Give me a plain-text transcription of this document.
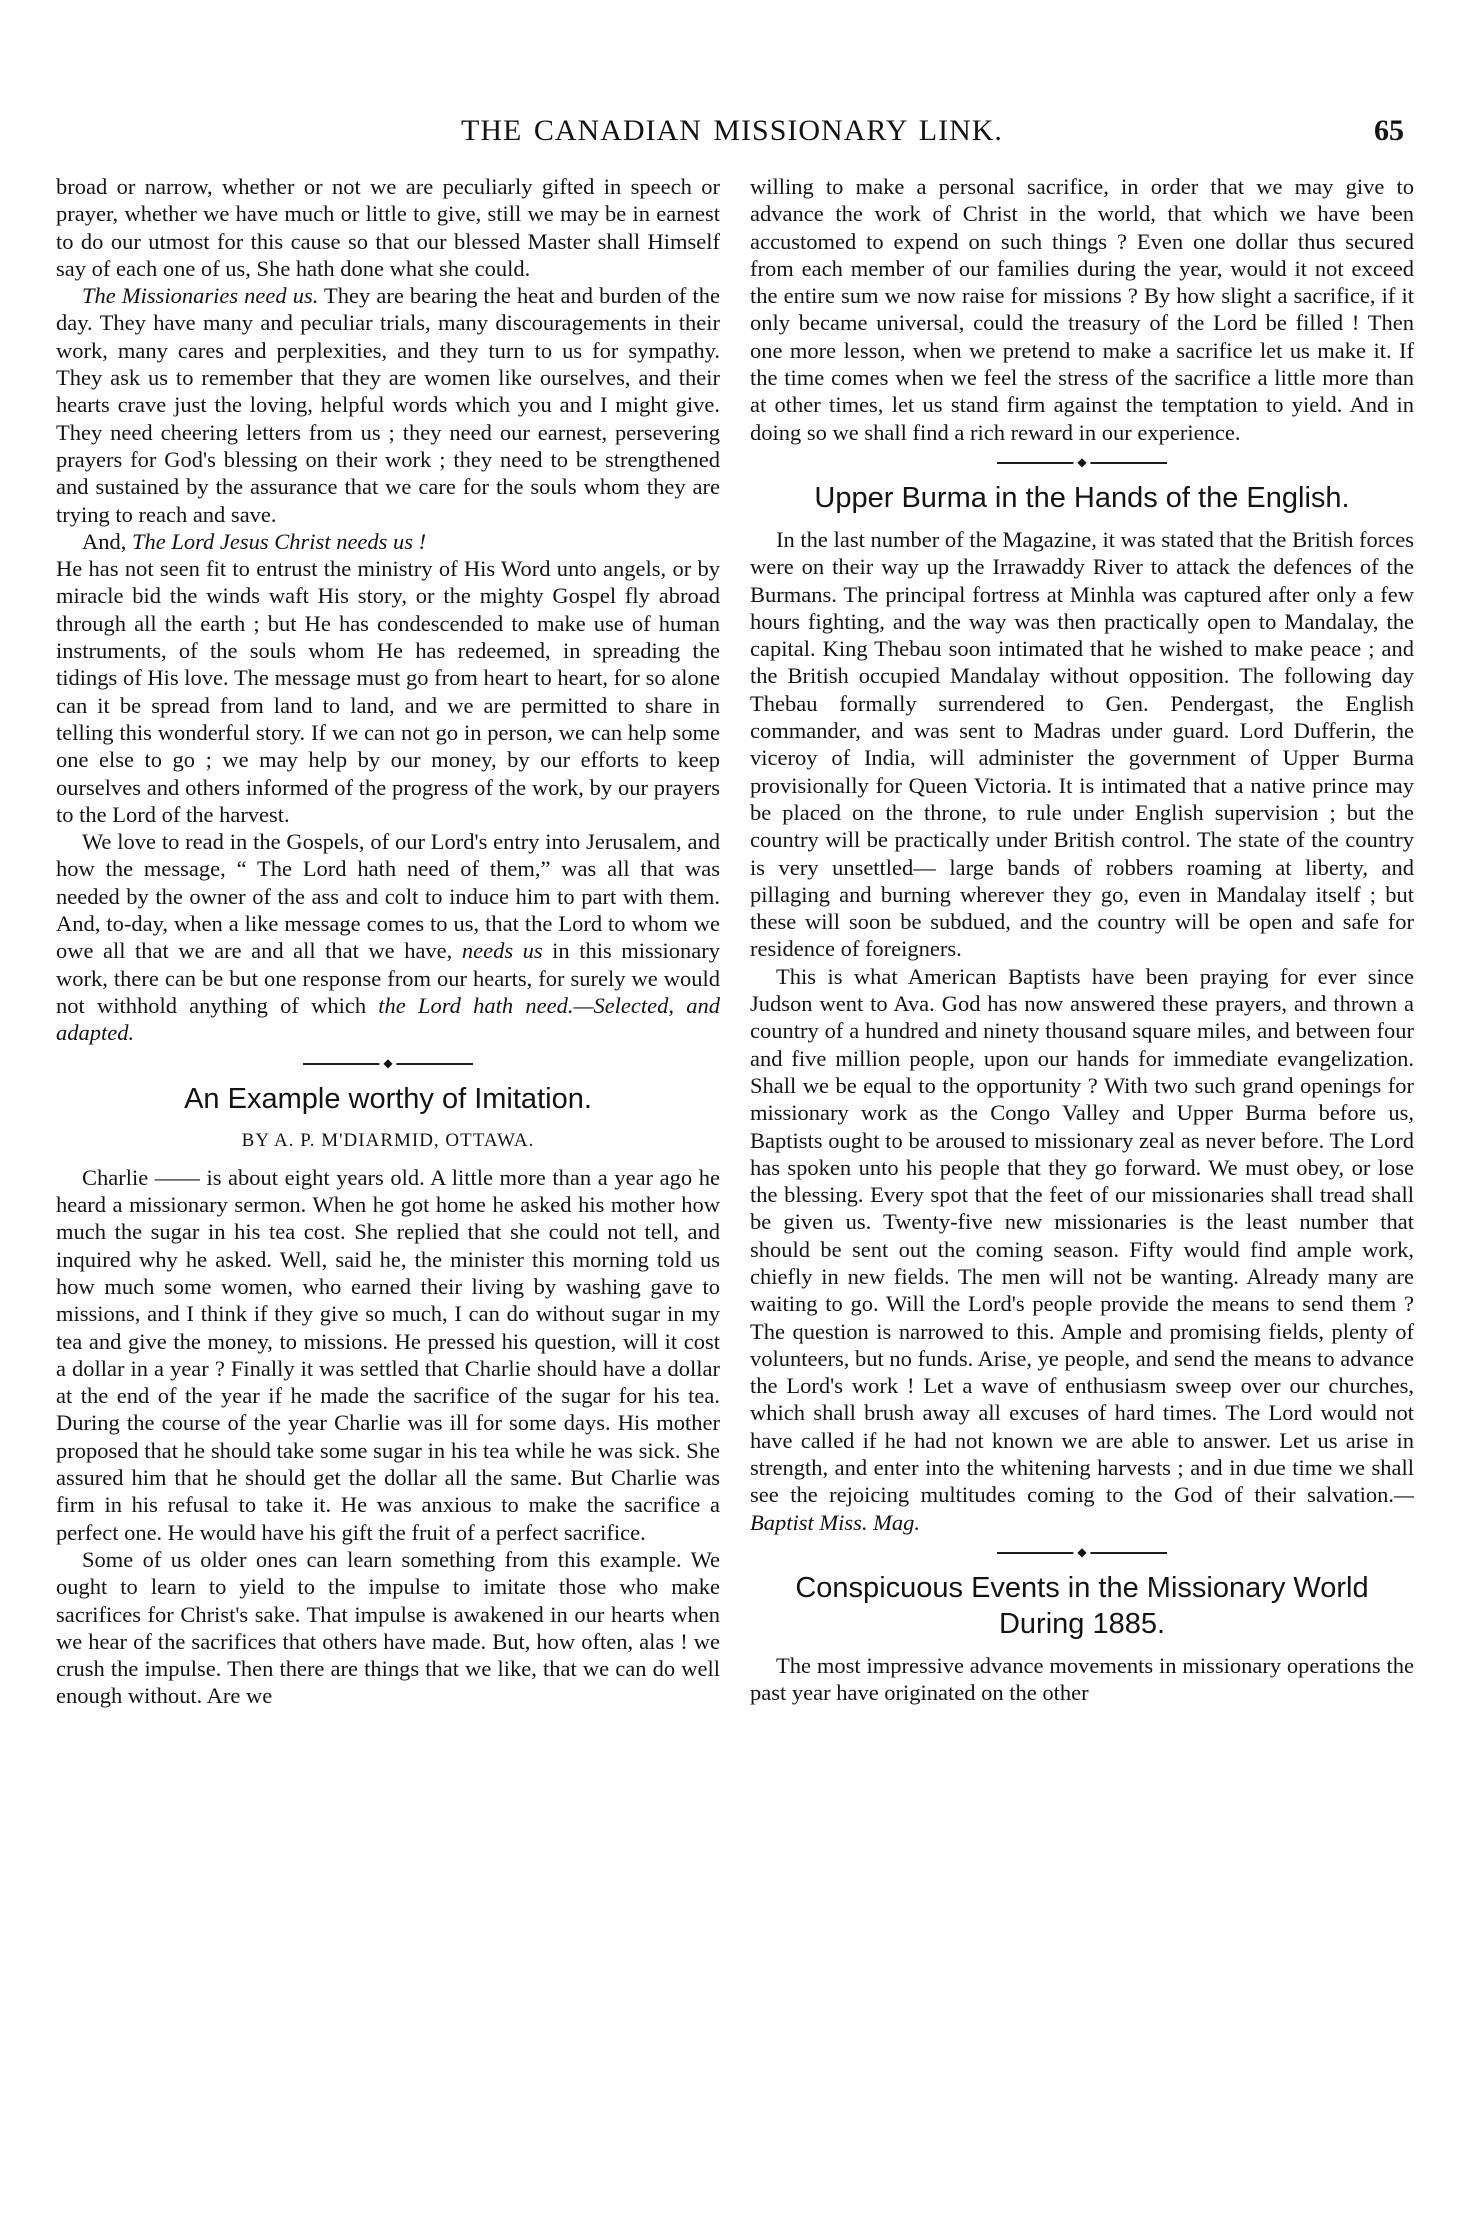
THE CANADIAN MISSIONARY LINK.	65

broad or narrow, whether or not we are peculiarly gifted in speech or prayer, whether we have much or little to give, still we may be in earnest to do our utmost for this cause so that our blessed Master shall Himself say of each one of us, She hath done what she could.

The Missionaries need us. They are bearing the heat and burden of the day. They have many and peculiar trials, many discouragements in their work, many cares and perplexities, and they turn to us for sympathy. They ask us to remember that they are women like ourselves, and their hearts crave just the loving, helpful words which you and I might give. They need cheering letters from us ; they need our earnest, persevering prayers for God's blessing on their work ; they need to be strengthened and sustained by the assurance that we care for the souls whom they are trying to reach and save.

And, The Lord Jesus Christ needs us !

He has not seen fit to entrust the ministry of His Word unto angels, or by miracle bid the winds waft His story, or the mighty Gospel fly abroad through all the earth ; but He has condescended to make use of human instruments, of the souls whom He has redeemed, in spreading the tidings of His love. The message must go from heart to heart, for so alone can it be spread from land to land, and we are permitted to share in telling this wonderful story. If we can not go in person, we can help some one else to go ; we may help by our money, by our efforts to keep ourselves and others informed of the progress of the work, by our prayers to the Lord of the harvest.

We love to read in the Gospels, of our Lord's entry into Jerusalem, and how the message, “ The Lord hath need of them,” was all that was needed by the owner of the ass and colt to induce him to part with them. And, to-day, when a like message comes to us, that the Lord to whom we owe all that we are and all that we have, needs us in this missionary work, there can be but one response from our hearts, for surely we would not withhold anything of which the Lord hath need.—Selected, and adapted.

◆
An Example worthy of Imitation.
BY A. P. M'DIARMID, OTTAWA.

Charlie —— is about eight years old. A little more than a year ago he heard a missionary sermon. When he got home he asked his mother how much the sugar in his tea cost. She replied that she could not tell, and inquired why he asked. Well, said he, the minister this morning told us how much some women, who earned their living by washing gave to missions, and I think if they give so much, I can do without sugar in my tea and give the money, to missions. He pressed his question, will it cost a dollar in a year ? Finally it was settled that Charlie should have a dollar at the end of the year if he made the sacrifice of the sugar for his tea. During the course of the year Charlie was ill for some days. His mother proposed that he should take some sugar in his tea while he was sick. She assured him that he should get the dollar all the same. But Charlie was firm in his refusal to take it. He was anxious to make the sacrifice a perfect one. He would have his gift the fruit of a perfect sacrifice.

Some of us older ones can learn something from this example. We ought to learn to yield to the impulse to imitate those who make sacrifices for Christ's sake. That impulse is awakened in our hearts when we hear of the sacrifices that others have made. But, how often, alas ! we crush the impulse. Then there are things that we like, that we can do well enough without. Are we

willing to make a personal sacrifice, in order that we may give to advance the work of Christ in the world, that which we have been accustomed to expend on such things ? Even one dollar thus secured from each member of our families during the year, would it not exceed the entire sum we now raise for missions ? By how slight a sacrifice, if it only became universal, could the treasury of the Lord be filled ! Then one more lesson, when we pretend to make a sacrifice let us make it. If the time comes when we feel the stress of the sacrifice a little more than at other times, let us stand firm against the temptation to yield. And in doing so we shall find a rich reward in our experience.

◆
Upper Burma in the Hands of the English.

In the last number of the Magazine, it was stated that the British forces were on their way up the Irrawaddy River to attack the defences of the Burmans. The principal fortress at Minhla was captured after only a few hours fighting, and the way was then practically open to Mandalay, the capital. King Thebau soon intimated that he wished to make peace ; and the British occupied Mandalay without opposition. The following day Thebau formally surrendered to Gen. Pendergast, the English commander, and was sent to Madras under guard. Lord Dufferin, the viceroy of India, will administer the government of Upper Burma provisionally for Queen Victoria. It is intimated that a native prince may be placed on the throne, to rule under English supervision ; but the country will be practically under British control. The state of the country is very unsettled— large bands of robbers roaming at liberty, and pillaging and burning wherever they go, even in Mandalay itself ; but these will soon be subdued, and the country will be open and safe for residence of foreigners.

This is what American Baptists have been praying for ever since Judson went to Ava. God has now answered these prayers, and thrown a country of a hundred and ninety thousand square miles, and between four and five million people, upon our hands for immediate evangelization. Shall we be equal to the opportunity ? With two such grand openings for missionary work as the Congo Valley and Upper Burma before us, Baptists ought to be aroused to missionary zeal as never before. The Lord has spoken unto his people that they go forward. We must obey, or lose the blessing. Every spot that the feet of our missionaries shall tread shall be given us. Twenty-five new missionaries is the least number that should be sent out the coming season. Fifty would find ample work, chiefly in new fields. The men will not be wanting. Already many are waiting to go. Will the Lord's people provide the means to send them ? The question is narrowed to this. Ample and promising fields, plenty of volunteers, but no funds. Arise, ye people, and send the means to advance the Lord's work ! Let a wave of enthusiasm sweep over our churches, which shall brush away all excuses of hard times. The Lord would not have called if he had not known we are able to answer. Let us arise in strength, and enter into the whitening harvests ; and in due time we shall see the rejoicing multitudes coming to the God of their salvation.—Baptist Miss. Mag.

◆
Conspicuous Events in the Missionary World During 1885.

The most impressive advance movements in missionary operations the past year have originated on the other
